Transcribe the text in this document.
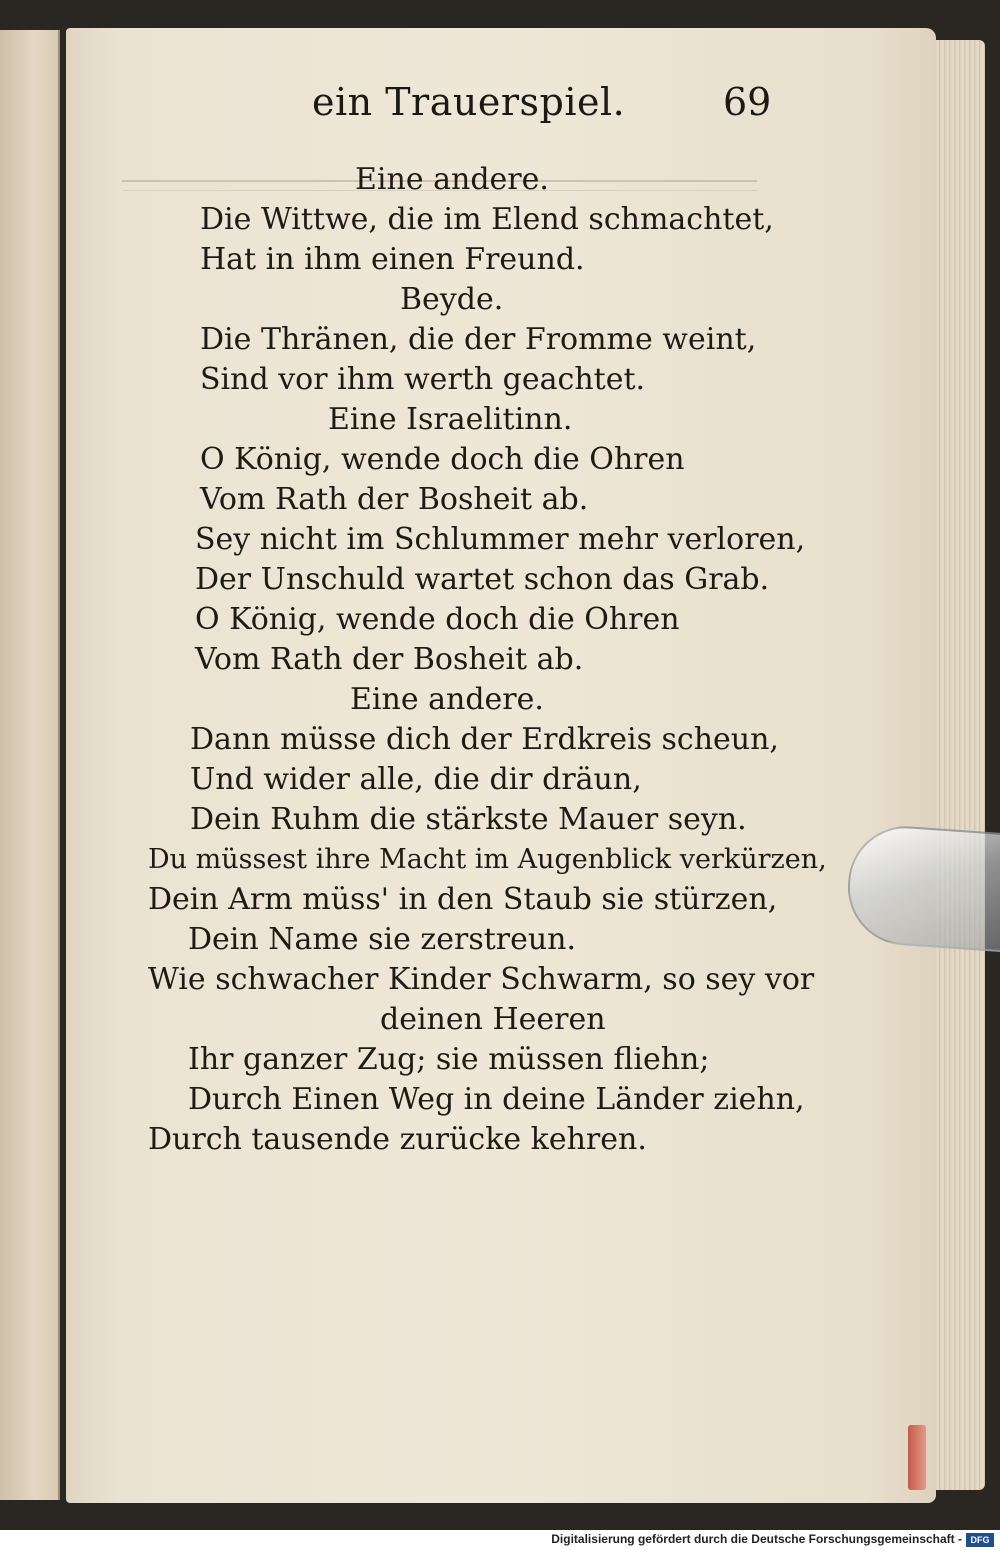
ein Trauerspiel.	69
Eine andere.
Die Wittwe, die im Elend schmachtet,
Hat in ihm einen Freund.
Beyde.
Die Thränen, die der Fromme weint,
Sind vor ihm werth geachtet.
Eine Israelitinn.
O König, wende doch die Ohren
Vom Rath der Bosheit ab.
Sey nicht im Schlummer mehr verloren,
Der Unschuld wartet schon das Grab.
O König, wende doch die Ohren
Vom Rath der Bosheit ab.
Eine andere.
Dann müsse dich der Erdkreis scheun,
Und wider alle, die dir dräun,
Dein Ruhm die stärkste Mauer seyn.
Du müssest ihre Macht im Augenblick verkürzen,
Dein Arm müss' in den Staub sie stürzen,
Dein Name sie zerstreun.
Wie schwacher Kinder Schwarm, so sey vor
deinen Heeren
Ihr ganzer Zug; sie müssen fliehn;
Durch Einen Weg in deine Länder ziehn,
Durch tausende zurücke kehren.
Digitalisierung gefördert durch die Deutsche Forschungsgemeinschaft - DFG
